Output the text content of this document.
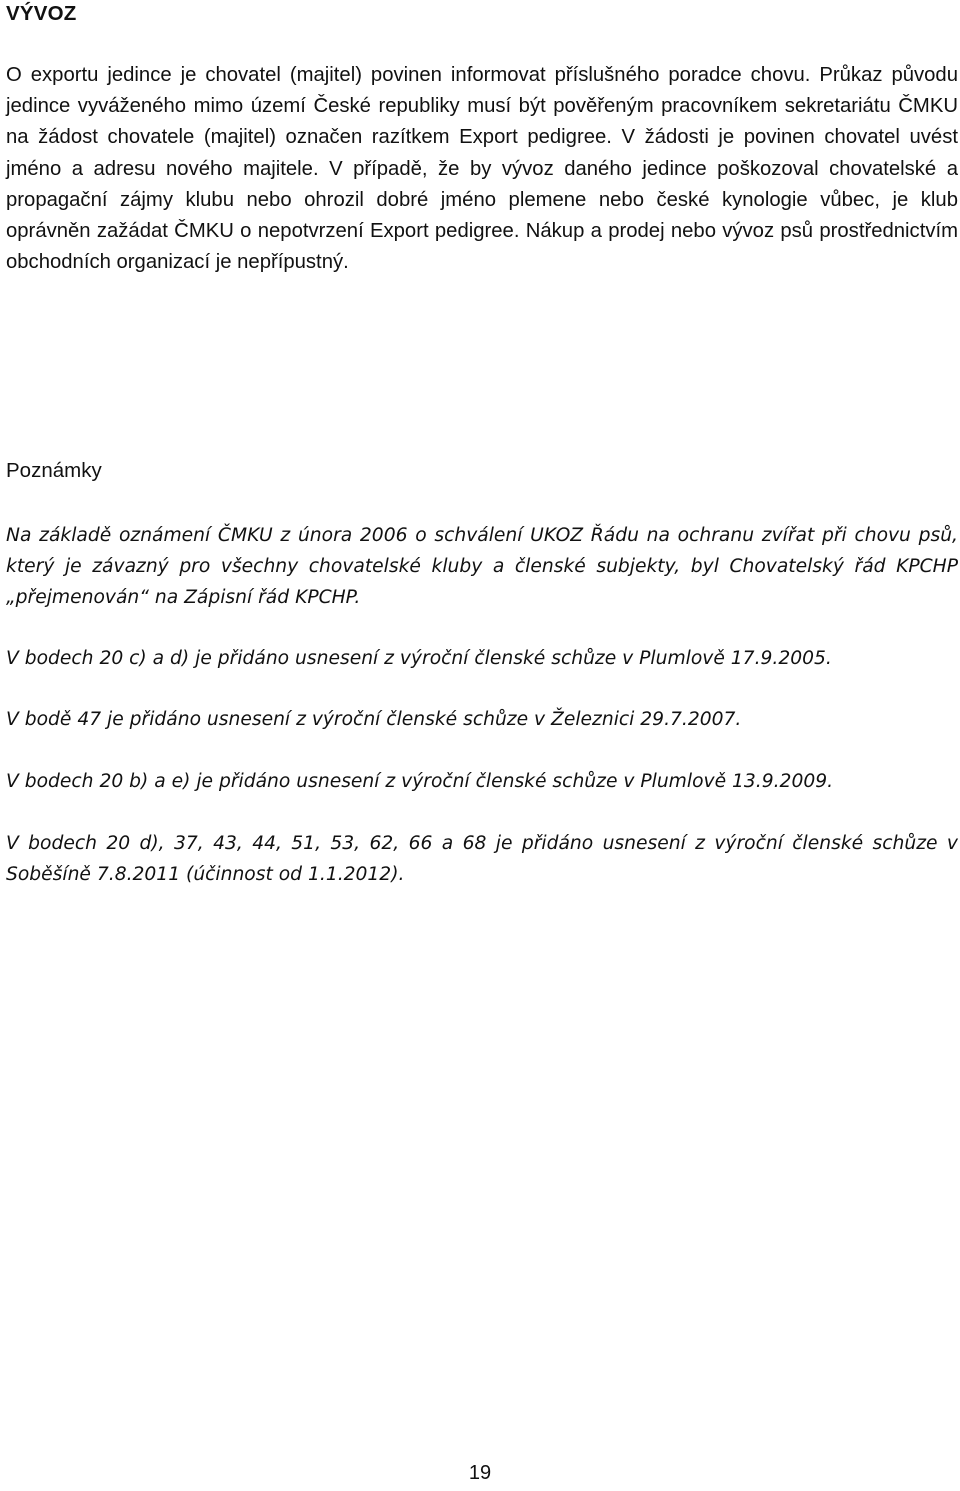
VÝVOZ

O exportu jedince je chovatel (majitel) povinen informovat příslušného poradce chovu. Průkaz původu jedince vyváženého mimo území České republiky musí být pověřeným pracovníkem sekretariátu ČMKU na žádost chovatele (majitel) označen razítkem Export pedigree. V žádosti je povinen chovatel uvést jméno a adresu nového majitele. V případě, že by vývoz daného jedince poškozoval chovatelské a propagační zájmy klubu nebo ohrozil dobré jméno plemene nebo české kynologie vůbec, je klub oprávněn zažádat ČMKU o nepotvrzení Export pedigree. Nákup a prodej nebo vývoz psů prostřednictvím obchodních organizací je nepřípustný.

Poznámky

Na základě oznámení ČMKU z února 2006 o schválení UKOZ Řádu na ochranu zvířat při chovu psů, který je závazný pro všechny chovatelské kluby a členské subjekty, byl Chovatelský řád KPCHP „přejmenován“ na Zápisní řád KPCHP.

V bodech 20 c) a d) je přidáno usnesení z výroční členské schůze v Plumlově 17.9.2005.

V bodě 47 je přidáno usnesení z výroční členské schůze v Železnici 29.7.2007.

V bodech 20 b) a e) je přidáno usnesení z výroční členské schůze v Plumlově 13.9.2009.

V bodech 20 d), 37, 43, 44, 51, 53, 62, 66 a 68 je přidáno usnesení z výroční členské schůze v Soběšíně 7.8.2011 (účinnost od 1.1.2012).

19
